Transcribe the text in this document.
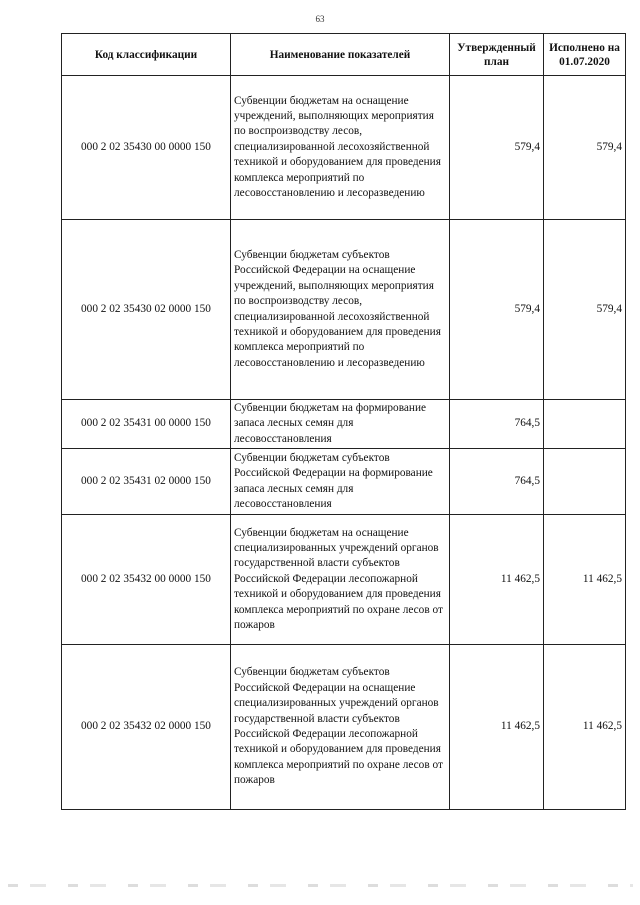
63
Код классификации	Наименование показателей	Утвержденный план	Исполнено на 01.07.2020
000 2 02 35430 00 0000 150	Субвенции бюджетам на оснащение учреждений, выполняющих мероприятия по воспроизводству лесов, специализированной лесохозяйственной техникой и оборудованием для проведения комплекса мероприятий по лесовосстановлению и лесоразведению	579,4	579,4
000 2 02 35430 02 0000 150	Субвенции бюджетам субъектов Российской Федерации на оснащение учреждений, выполняющих мероприятия по воспроизводству лесов, специализированной лесохозяйственной техникой и оборудованием для проведения комплекса мероприятий по лесовосстановлению и лесоразведению	579,4	579,4
000 2 02 35431 00 0000 150	Субвенции бюджетам на формирование запаса лесных семян для лесовосстановления	764,5	
000 2 02 35431 02 0000 150	Субвенции бюджетам субъектов Российской Федерации на формирование запаса лесных семян для лесовосстановления	764,5	
000 2 02 35432 00 0000 150	Субвенции бюджетам на оснащение специализированных учреждений органов государственной власти субъектов Российской Федерации лесопожарной техникой и оборудованием для проведения комплекса мероприятий по охране лесов от пожаров	11 462,5	11 462,5
000 2 02 35432 02 0000 150	Субвенции бюджетам субъектов Российской Федерации на оснащение специализированных учреждений органов государственной власти субъектов Российской Федерации лесопожарной техникой и оборудованием для проведения комплекса мероприятий по охране лесов от пожаров	11 462,5	11 462,5
